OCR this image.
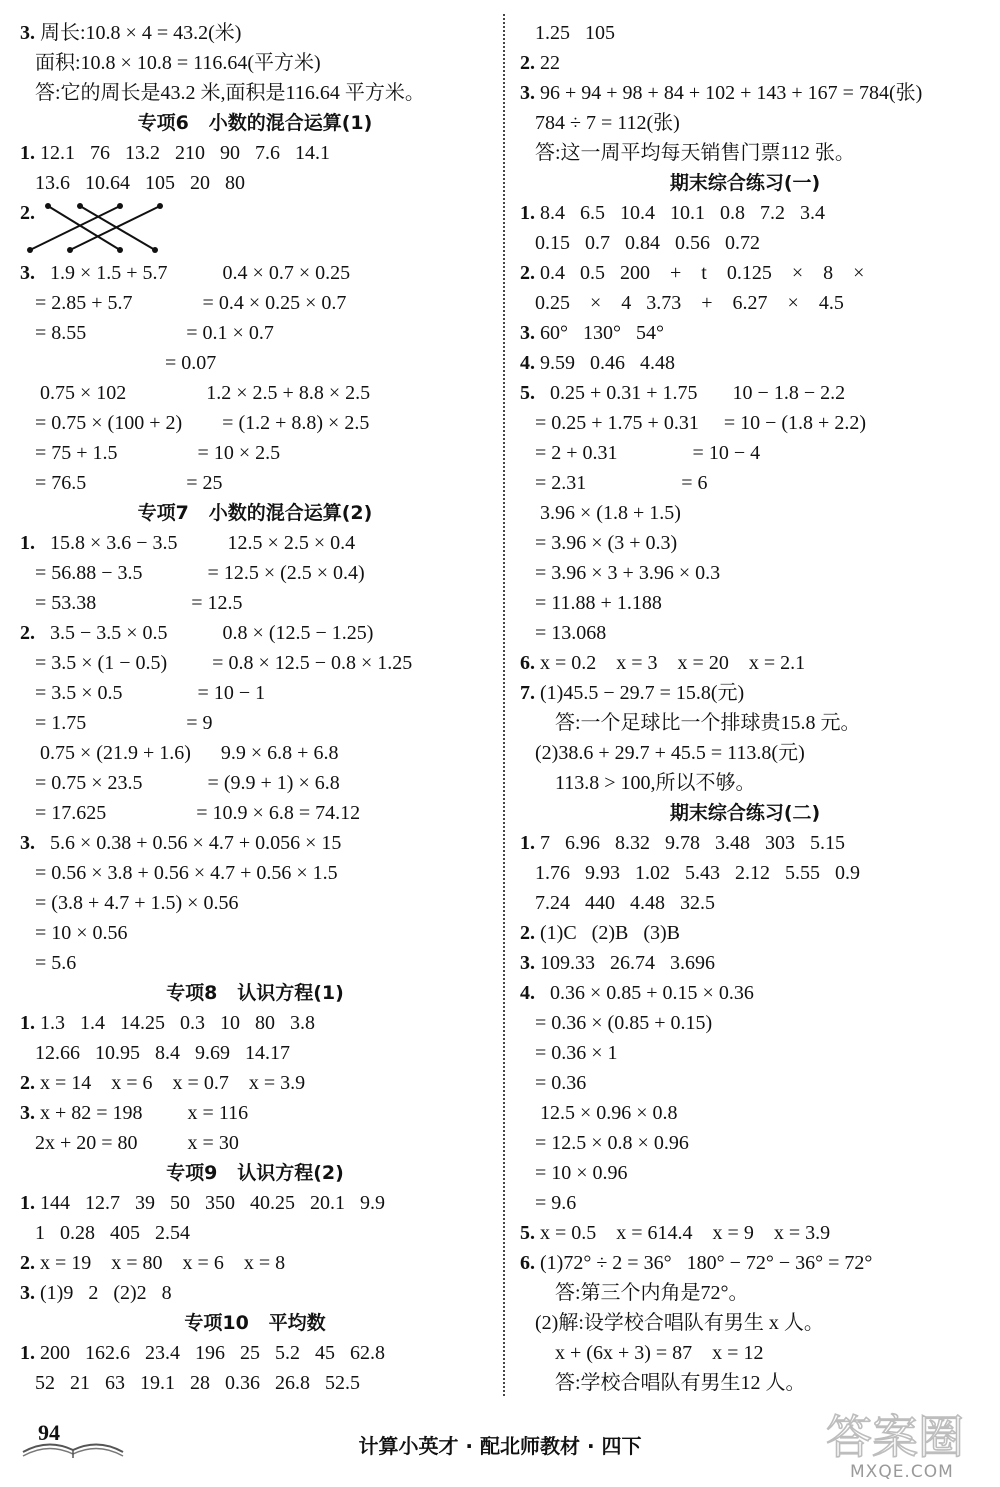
3. 周长:10.8 × 4 = 43.2(米)
面积:10.8 × 10.8 = 116.64(平方米)
答:它的周长是43.2 米,面积是116.64 平方米。
专项6   小数的混合运算(1)
1. 12.1   76   13.2   210   90   7.6   14.1
13.6   10.64   105   20   80
2.
3.   1.9 × 1.5 + 5.7           0.4 × 0.7 × 0.25
= 2.85 + 5.7              = 0.4 × 0.25 × 0.7
= 8.55                    = 0.1 × 0.7
= 0.07
0.75 × 102                1.2 × 2.5 + 8.8 × 2.5
= 0.75 × (100 + 2)        = (1.2 + 8.8) × 2.5
= 75 + 1.5                = 10 × 2.5
= 76.5                    = 25
专项7   小数的混合运算(2)
1.   15.8 × 3.6 − 3.5          12.5 × 2.5 × 0.4
= 56.88 − 3.5             = 12.5 × (2.5 × 0.4)
= 53.38                   = 12.5
2.   3.5 − 3.5 × 0.5           0.8 × (12.5 − 1.25)
= 3.5 × (1 − 0.5)         = 0.8 × 12.5 − 0.8 × 1.25
= 3.5 × 0.5               = 10 − 1
= 1.75                    = 9
0.75 × (21.9 + 1.6)      9.9 × 6.8 + 6.8
= 0.75 × 23.5             = (9.9 + 1) × 6.8
= 17.625                  = 10.9 × 6.8 = 74.12
3.   5.6 × 0.38 + 0.56 × 4.7 + 0.056 × 15
= 0.56 × 3.8 + 0.56 × 4.7 + 0.56 × 1.5
= (3.8 + 4.7 + 1.5) × 0.56
= 10 × 0.56
= 5.6
专项8   认识方程(1)
1. 1.3   1.4   14.25   0.3   10   80   3.8
12.66   10.95   8.4   9.69   14.17
2. x = 14    x = 6    x = 0.7    x = 3.9
3. x + 82 = 198         x = 116
2x + 20 = 80          x = 30
专项9   认识方程(2)
1. 144   12.7   39   50   350   40.25   20.1   9.9
1   0.28   405   2.54
2. x = 19    x = 80    x = 6    x = 8
3. (1)9   2   (2)2   8
专项10   平均数
1. 200   162.6   23.4   196   25   5.2   45   62.8
52   21   63   19.1   28   0.36   26.8   52.5
1.25   105
2. 22
3. 96 + 94 + 98 + 84 + 102 + 143 + 167 = 784(张)
784 ÷ 7 = 112(张)
答:这一周平均每天销售门票112 张。
期末综合练习(一)
1. 8.4   6.5   10.4   10.1   0.8   7.2   3.4
0.15   0.7   0.84   0.56   0.72
2. 0.4   0.5   200    +    t    0.125    ×    8    ×
0.25    ×    4   3.73    +    6.27    ×    4.5
3. 60°   130°   54°
4. 9.59   0.46   4.48
5.   0.25 + 0.31 + 1.75       10 − 1.8 − 2.2
= 0.25 + 1.75 + 0.31     = 10 − (1.8 + 2.2)
= 2 + 0.31               = 10 − 4
= 2.31                   = 6
3.96 × (1.8 + 1.5)
= 3.96 × (3 + 0.3)
= 3.96 × 3 + 3.96 × 0.3
= 11.88 + 1.188
= 13.068
6. x = 0.2    x = 3    x = 20    x = 2.1
7. (1)45.5 − 29.7 = 15.8(元)
答:一个足球比一个排球贵15.8 元。
(2)38.6 + 29.7 + 45.5 = 113.8(元)
113.8 > 100,所以不够。
期末综合练习(二)
1. 7   6.96   8.32   9.78   3.48   303   5.15
1.76   9.93   1.02   5.43   2.12   5.55   0.9
7.24   440   4.48   32.5
2. (1)C   (2)B   (3)B
3. 109.33   26.74   3.696
4.   0.36 × 0.85 + 0.15 × 0.36
= 0.36 × (0.85 + 0.15)
= 0.36 × 1
= 0.36
12.5 × 0.96 × 0.8
= 12.5 × 0.8 × 0.96
= 10 × 0.96
= 9.6
5. x = 0.5    x = 614.4    x = 9    x = 3.9
6. (1)72° ÷ 2 = 36°   180° − 72° − 36° = 72°
答:第三个内角是72°。
(2)解:设学校合唱队有男生 x 人。
x + (6x + 3) = 87    x = 12
答:学校合唱队有男生12 人。
94
计算小英才 · 配北师教材 · 四下	答案圈
MXQE.COM
